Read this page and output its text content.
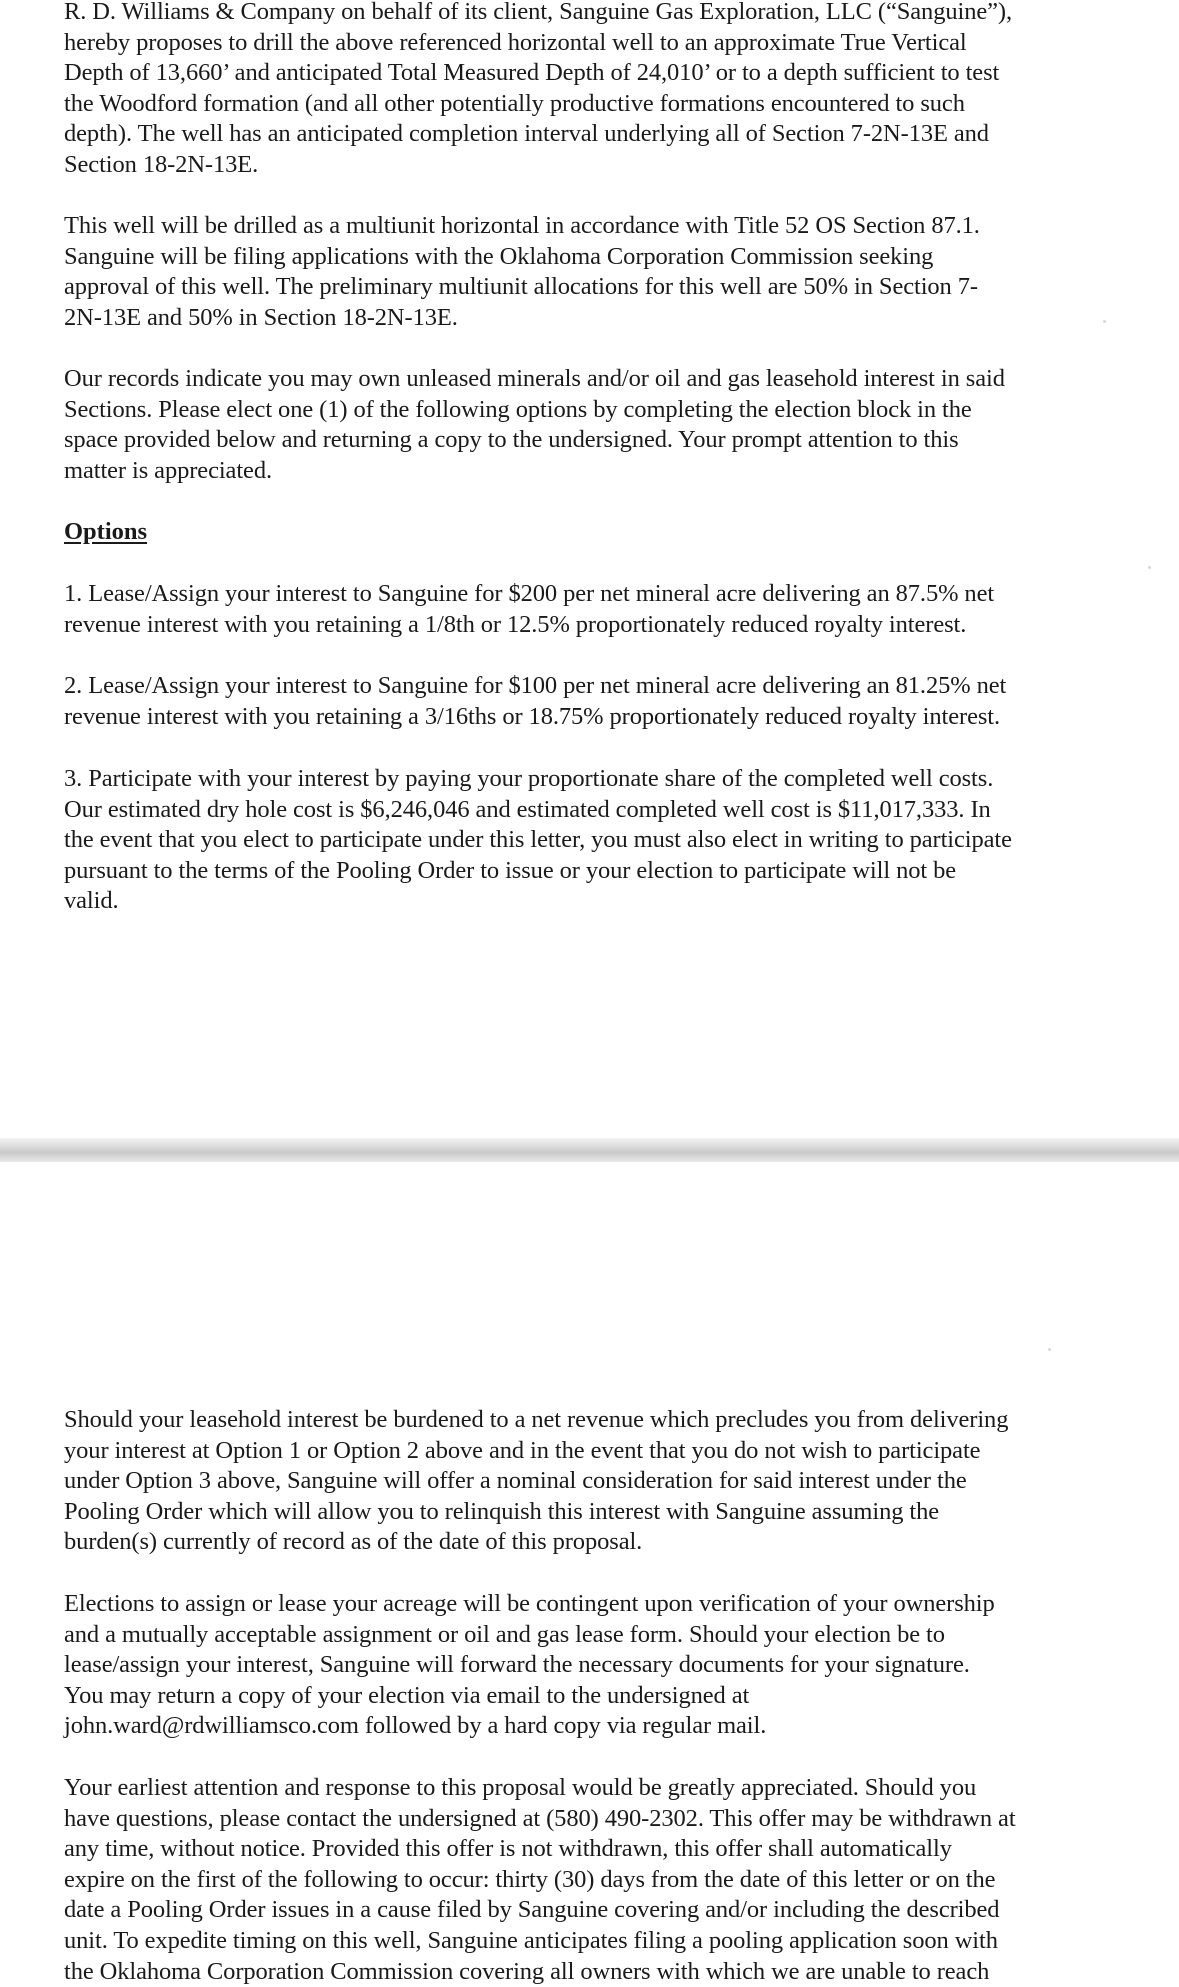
R. D. Williams & Company on behalf of its client, Sanguine Gas Exploration, LLC (“Sanguine”),
hereby proposes to drill the above referenced horizontal well to an approximate True Vertical
Depth of 13,660’ and anticipated Total Measured Depth of 24,010’ or to a depth sufficient to test
the Woodford formation (and all other potentially productive formations encountered to such
depth). The well has an anticipated completion interval underlying all of Section 7-2N-13E and
Section 18-2N-13E.

This well will be drilled as a multiunit horizontal in accordance with Title 52 OS Section 87.1.
Sanguine will be filing applications with the Oklahoma Corporation Commission seeking
approval of this well. The preliminary multiunit allocations for this well are 50% in Section 7-
2N-13E and 50% in Section 18-2N-13E.

Our records indicate you may own unleased minerals and/or oil and gas leasehold interest in said
Sections. Please elect one (1) of the following options by completing the election block in the
space provided below and returning a copy to the undersigned. Your prompt attention to this
matter is appreciated.

Options

1. Lease/Assign your interest to Sanguine for $200 per net mineral acre delivering an 87.5% net
revenue interest with you retaining a 1/8th or 12.5% proportionately reduced royalty interest.

2. Lease/Assign your interest to Sanguine for $100 per net mineral acre delivering an 81.25% net
revenue interest with you retaining a 3/16ths or 18.75% proportionately reduced royalty interest.

3. Participate with your interest by paying your proportionate share of the completed well costs.
Our estimated dry hole cost is $6,246,046 and estimated completed well cost is $11,017,333. In
the event that you elect to participate under this letter, you must also elect in writing to participate
pursuant to the terms of the Pooling Order to issue or your election to participate will not be
valid.

Should your leasehold interest be burdened to a net revenue which precludes you from delivering
your interest at Option 1 or Option 2 above and in the event that you do not wish to participate
under Option 3 above, Sanguine will offer a nominal consideration for said interest under the
Pooling Order which will allow you to relinquish this interest with Sanguine assuming the
burden(s) currently of record as of the date of this proposal.

Elections to assign or lease your acreage will be contingent upon verification of your ownership
and a mutually acceptable assignment or oil and gas lease form. Should your election be to
lease/assign your interest, Sanguine will forward the necessary documents for your signature.
You may return a copy of your election via email to the undersigned at
john.ward@rdwilliamsco.com followed by a hard copy via regular mail.

Your earliest attention and response to this proposal would be greatly appreciated. Should you
have questions, please contact the undersigned at (580) 490-2302. This offer may be withdrawn at
any time, without notice. Provided this offer is not withdrawn, this offer shall automatically
expire on the first of the following to occur: thirty (30) days from the date of this letter or on the
date a Pooling Order issues in a cause filed by Sanguine covering and/or including the described
unit. To expedite timing on this well, Sanguine anticipates filing a pooling application soon with
the Oklahoma Corporation Commission covering all owners with which we are unable to reach
